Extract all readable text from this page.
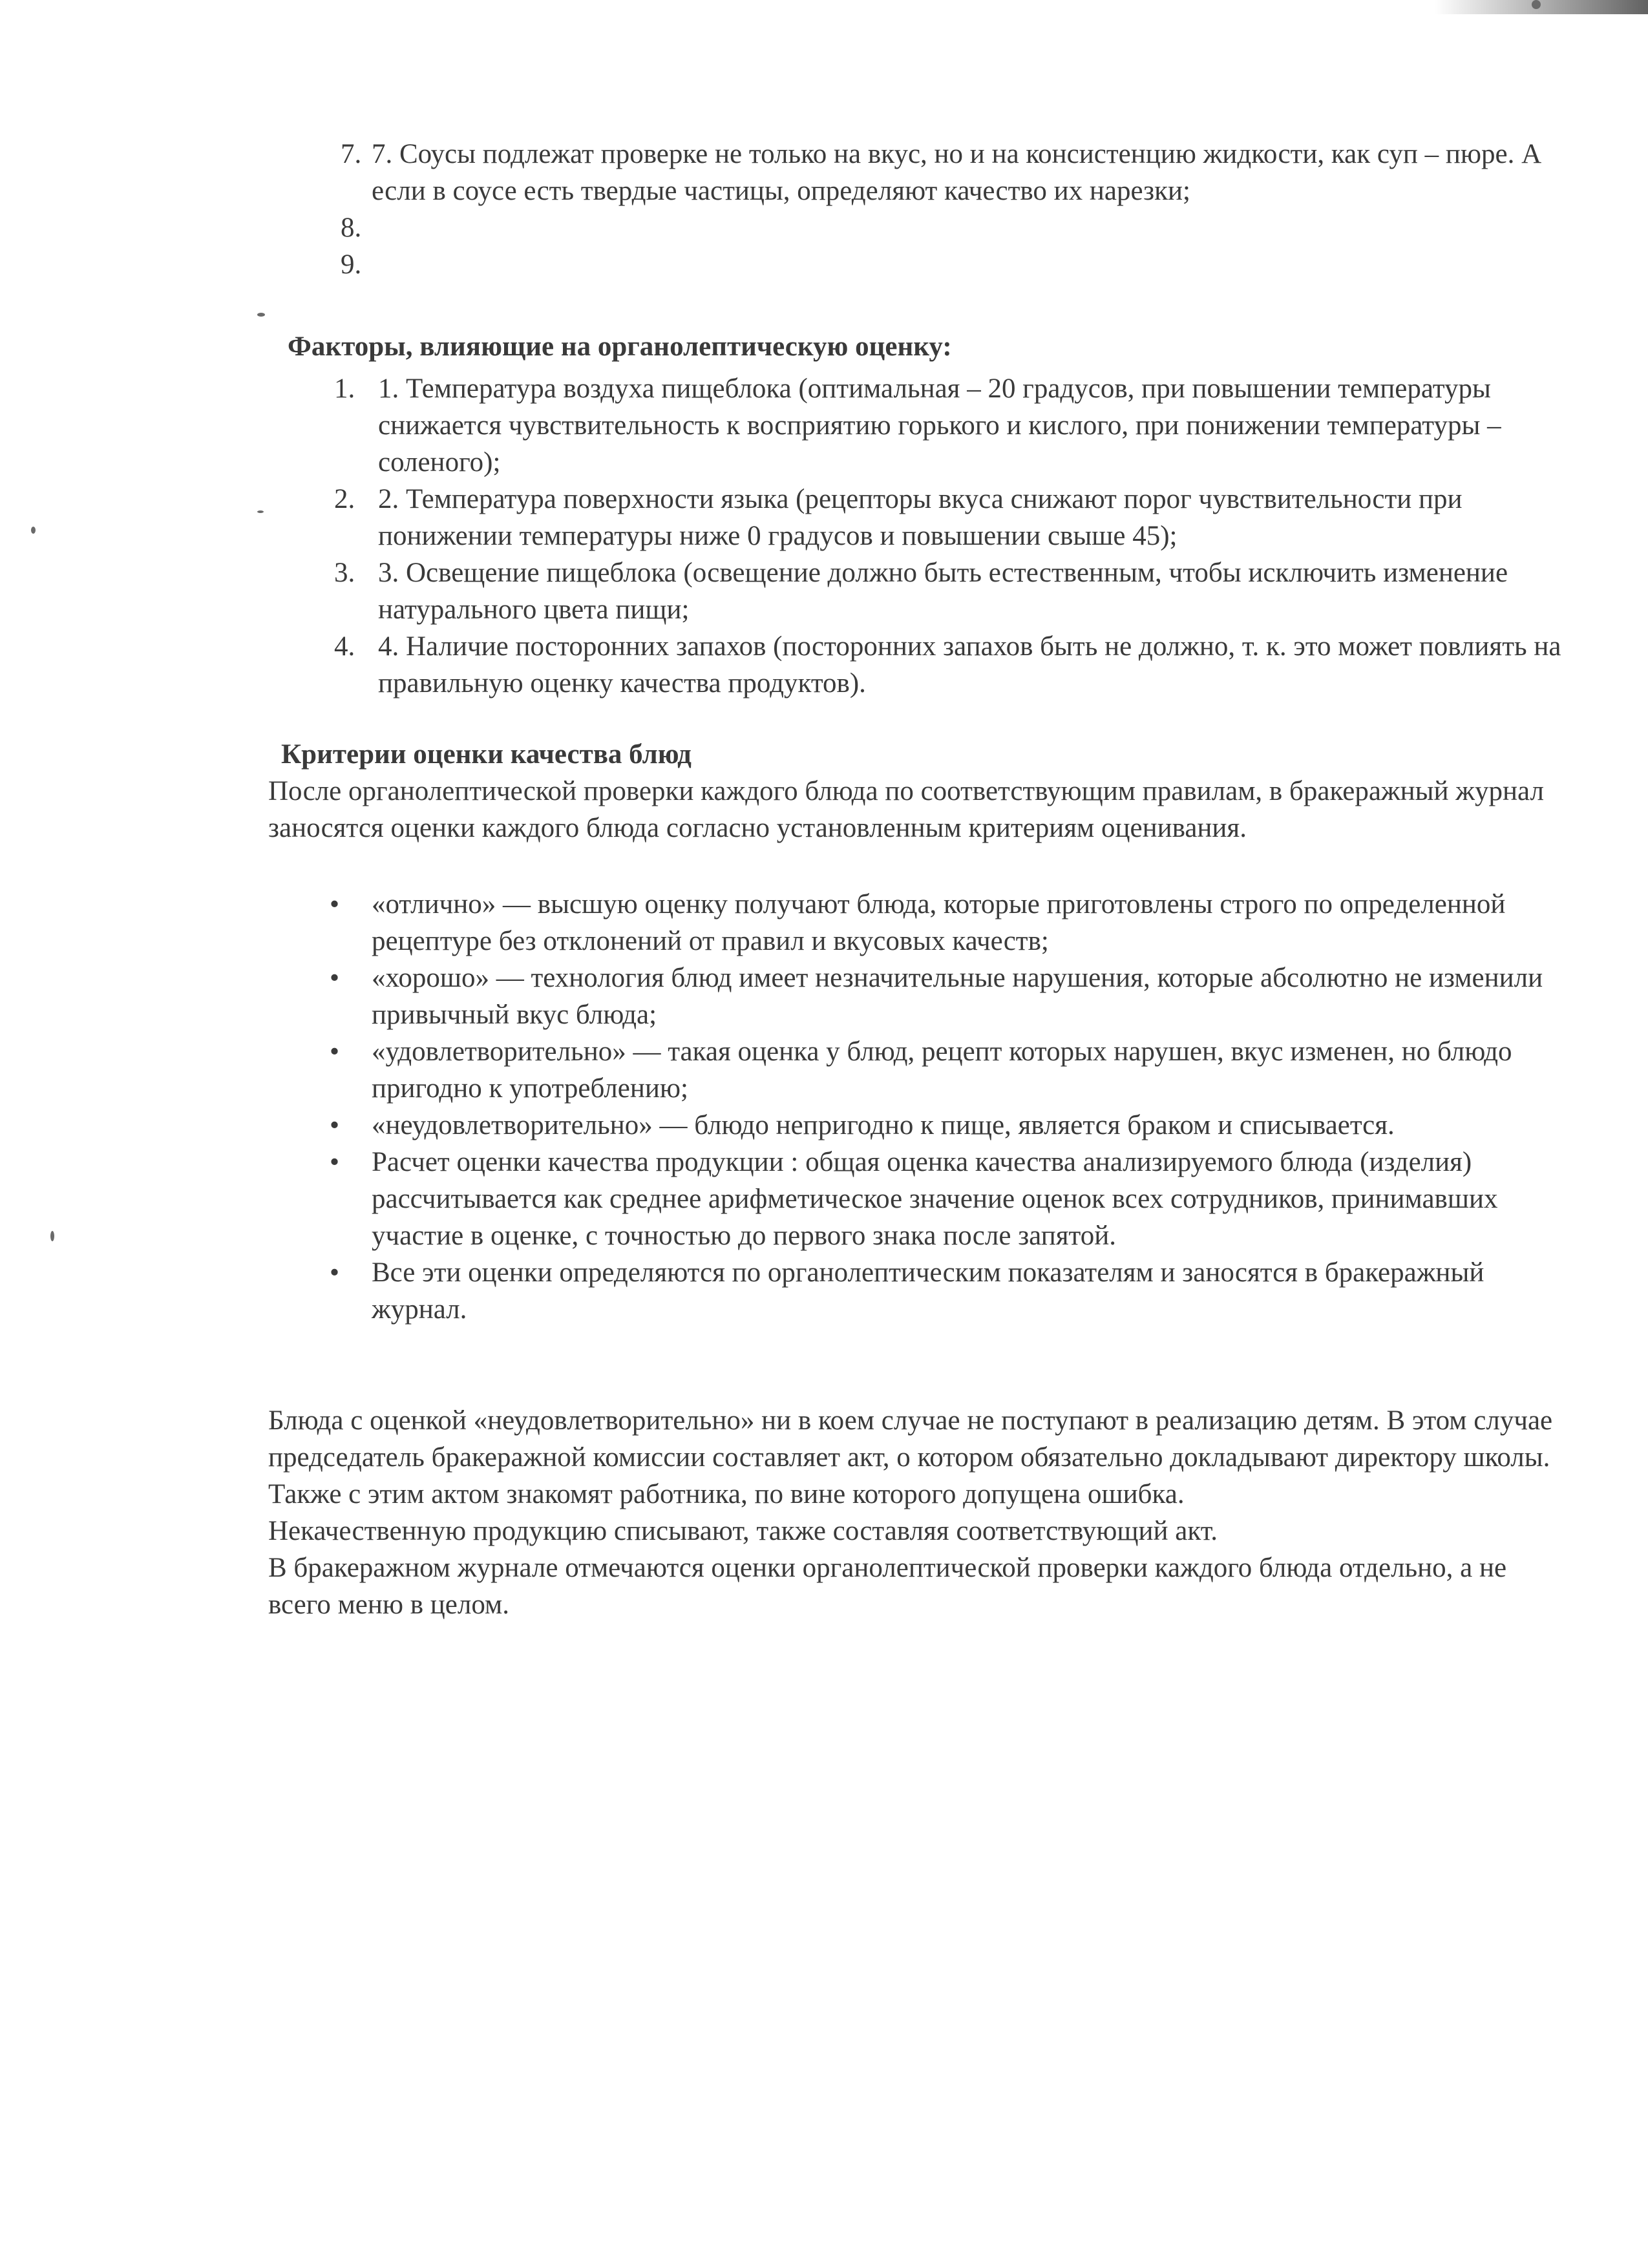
7. 7. Соусы подлежат проверке не только на вкус, но и на консистенцию жидкости, как суп – пюре. А если в соусе есть твердые частицы, определяют качество их нарезки;
8.

9.

Факторы, влияющие на органолептическую оценку:
1. 1. Температура воздуха пищеблока (оптимальная – 20 градусов, при повышении температуры снижается чувствительность к восприятию горького и кислого, при понижении температуры – соленого);
2. 2. Температура поверхности языка (рецепторы вкуса снижают порог чувствительности при понижении температуры ниже 0 градусов и повышении свыше 45);
3. 3. Освещение пищеблока (освещение должно быть естественным, чтобы исключить изменение натурального цвета пищи;
4. 4. Наличие посторонних запахов (посторонних запахов быть не должно, т. к. это может повлиять на правильную оценку качества продуктов).
Критерии оценки качества блюд
После органолептической проверки каждого блюда по соответствующим правилам, в бракеражный журнал заносятся оценки каждого блюда согласно установленным критериям оценивания.
• «отлично» — высшую оценку получают блюда, которые приготовлены строго по определенной рецептуре без отклонений от правил и вкусовых качеств;
• «хорошо» — технология блюд имеет незначительные нарушения, которые абсолютно не изменили привычный вкус блюда;
• «удовлетворительно» — такая оценка у блюд, рецепт которых нарушен, вкус изменен, но блюдо пригодно к употреблению;
• «неудовлетворительно» — блюдо непригодно к пище, является браком и списывается.
• Расчет оценки качества продукции : общая оценка качества анализируемого блюда (изделия) рассчитывается как среднее арифметическое значение оценок всех сотрудников, принимавших участие в оценке, с точностью до первого знака после запятой.
• Все эти оценки определяются по органолептическим показателям и заносятся в бракеражный журнал.

Блюда с оценкой «неудовлетворительно» ни в коем случае не поступают в реализацию детям. В этом случае председатель бракеражной комиссии составляет акт, о котором обязательно докладывают директору школы. Также с этим актом знакомят работника, по вине которого допущена ошибка.

Некачественную продукцию списывают, также составляя соответствующий акт.

В бракеражном журнале отмечаются оценки органолептической проверки каждого блюда отдельно, а не всего меню в целом.
